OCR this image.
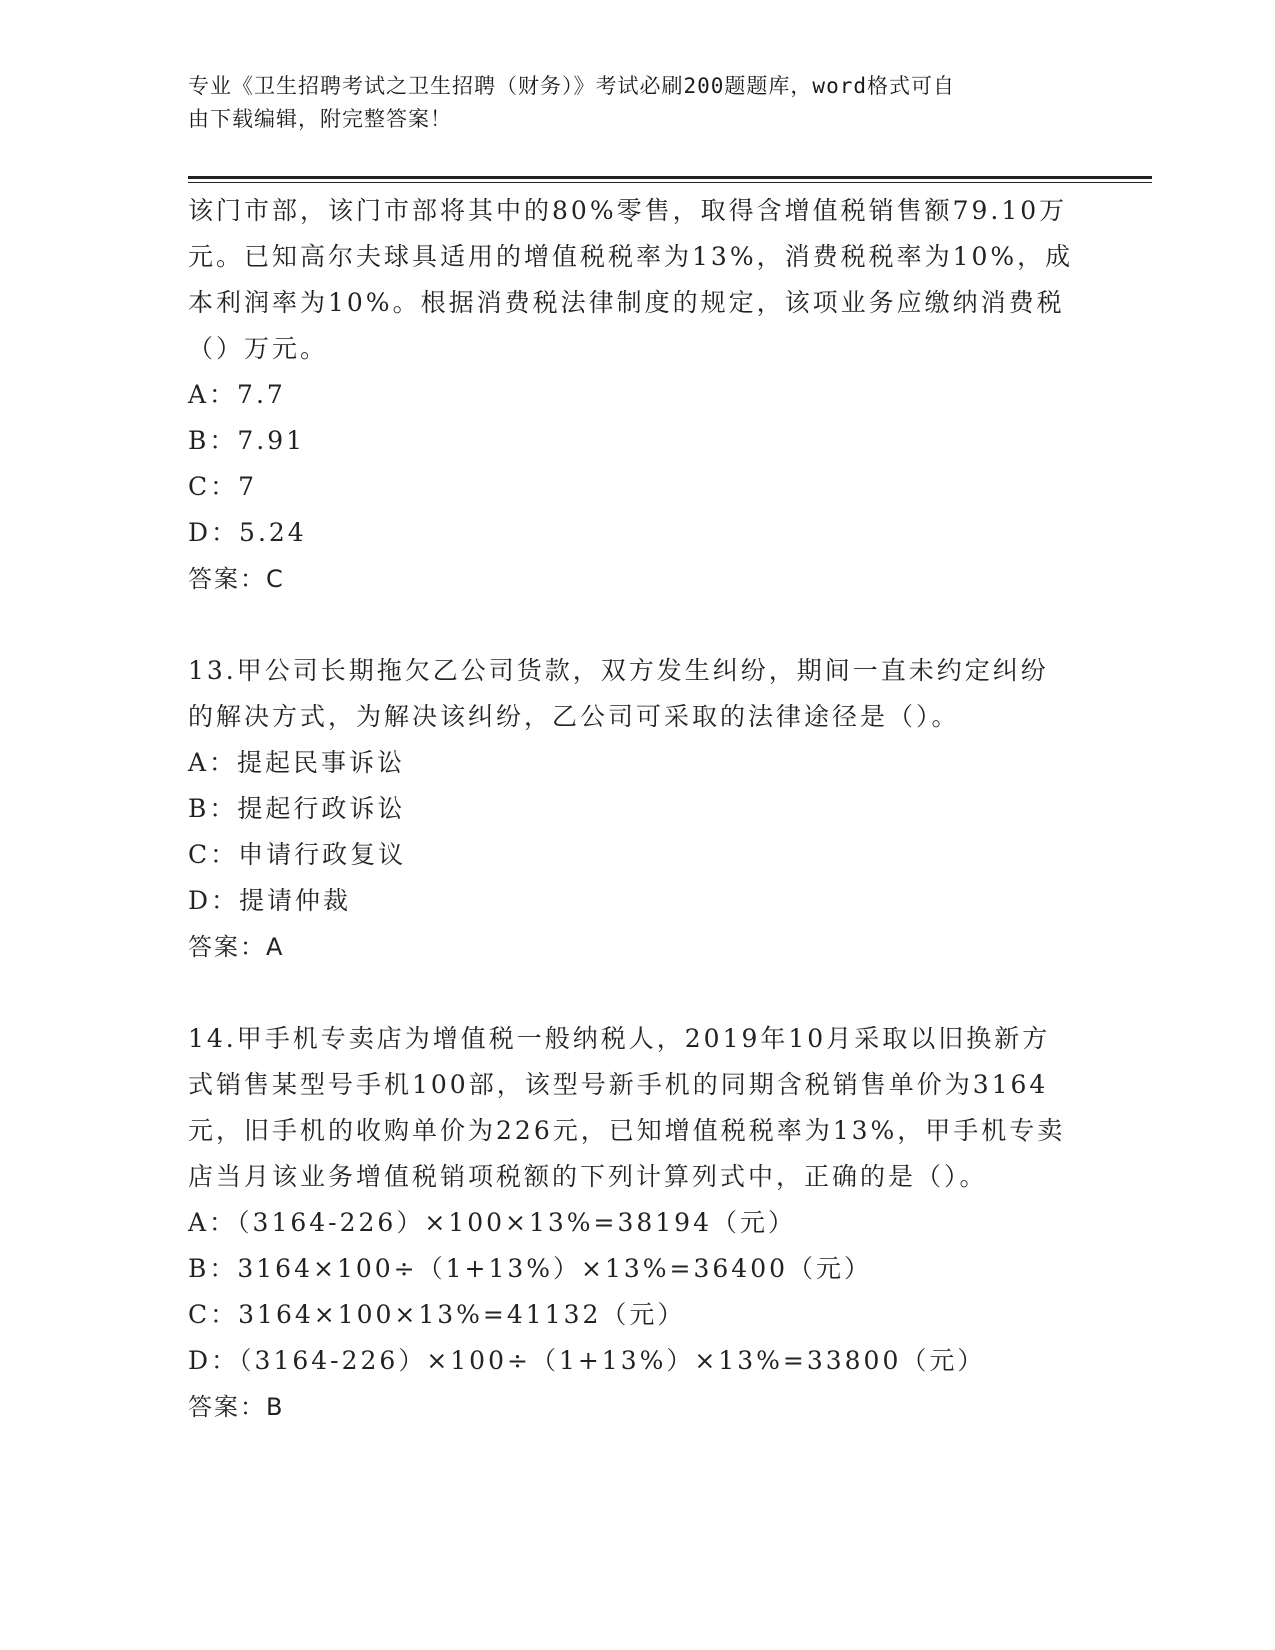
专业《卫生招聘考试之卫生招聘（财务）》考试必刷200题题库，word格式可自
由下载编辑，附完整答案！

该门市部，该门市部将其中的80%零售，取得含增值税销售额79.10万

元。已知高尔夫球具适用的增值税税率为13%，消费税税率为10%，成

本利润率为10%。根据消费税法律制度的规定，该项业务应缴纳消费税

（）万元。

A：7.7

B：7.91

C：7

D：5.24

答案：C

13.甲公司长期拖欠乙公司货款，双方发生纠纷，期间一直未约定纠纷

的解决方式，为解决该纠纷，乙公司可采取的法律途径是（）。

A：提起民事诉讼

B：提起行政诉讼

C：申请行政复议

D：提请仲裁

答案：A

14.甲手机专卖店为增值税一般纳税人，2019年10月采取以旧换新方

式销售某型号手机100部，该型号新手机的同期含税销售单价为3164

元，旧手机的收购单价为226元，已知增值税税率为13%，甲手机专卖

店当月该业务增值税销项税额的下列计算列式中，正确的是（）。

A：（3164-226）×100×13%=38194（元）

B：3164×100÷（1+13%）×13%=36400（元）

C：3164×100×13%=41132（元）

D：（3164-226）×100÷（1+13%）×13%=33800（元）

答案：B
